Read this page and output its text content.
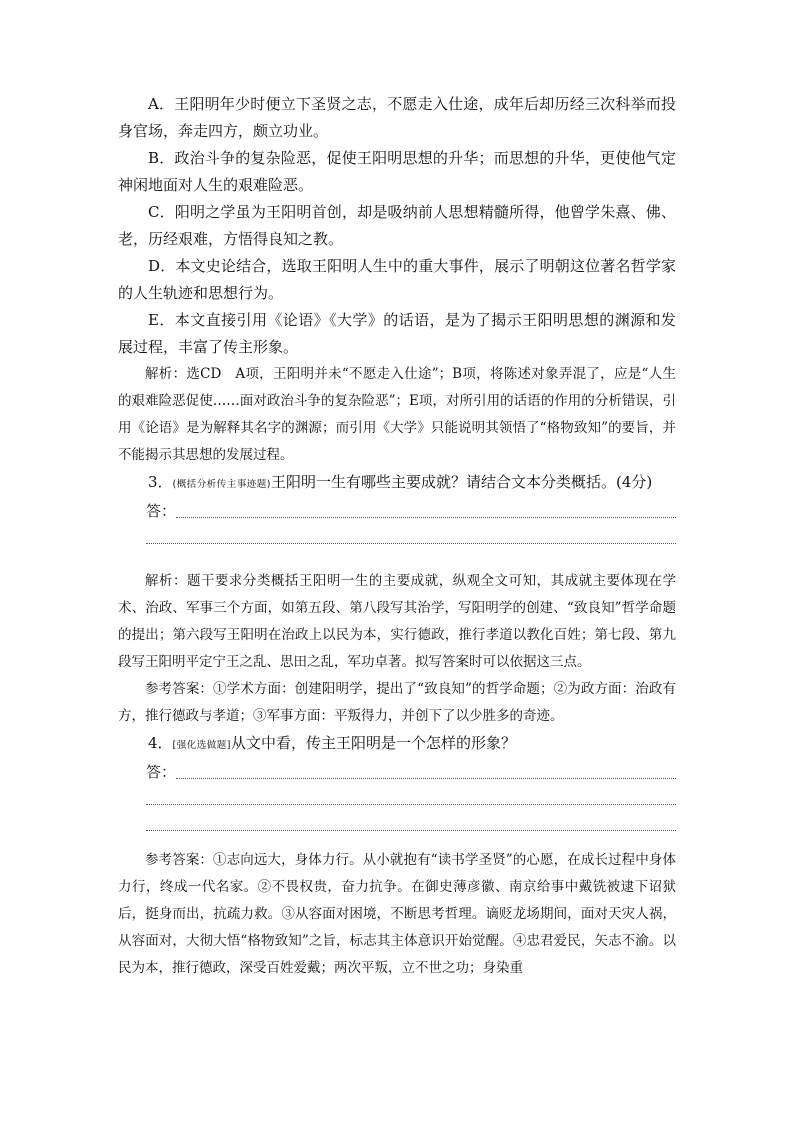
A．王阳明年少时便立下圣贤之志，不愿走入仕途，成年后却历经三次科举而投身官场，奔走四方，颇立功业。

B．政治斗争的复杂险恶，促使王阳明思想的升华；而思想的升华，更使他气定神闲地面对人生的艰难险恶。

C．阳明之学虽为王阳明首创，却是吸纳前人思想精髓所得，他曾学朱熹、佛、老，历经艰难，方悟得良知之教。

D．本文史论结合，选取王阳明人生中的重大事件，展示了明朝这位著名哲学家的人生轨迹和思想行为。

E．本文直接引用《论语》《大学》的话语，是为了揭示王阳明思想的渊源和发展过程，丰富了传主形象。

解析：选CD　A项，王阳明并未“不愿走入仕途”；B项，将陈述对象弄混了，应是“人生的艰难险恶促使……面对政治斗争的复杂险恶”；E项，对所引用的话语的作用的分析错误，引用《论语》是为解释其名字的渊源；而引用《大学》只能说明其领悟了“格物致知”的要旨，并不能揭示其思想的发展过程。

3．(概括分析传主事迹题)王阳明一生有哪些主要成就？请结合文本分类概括。(4分)

答：

解析：题干要求分类概括王阳明一生的主要成就，纵观全文可知，其成就主要体现在学术、治政、军事三个方面，如第五段、第八段写其治学，写阳明学的创建、“致良知”哲学命题的提出；第六段写王阳明在治政上以民为本，实行德政，推行孝道以教化百姓；第七段、第九段写王阳明平定宁王之乱、思田之乱，军功卓著。拟写答案时可以依据这三点。

参考答案：①学术方面：创建阳明学，提出了“致良知”的哲学命题；②为政方面：治政有方，推行德政与孝道；③军事方面：平叛得力，并创下了以少胜多的奇迹。

4．[强化选做题]从文中看，传主王阳明是一个怎样的形象？

答：

参考答案：①志向远大，身体力行。从小就抱有“读书学圣贤”的心愿，在成长过程中身体力行，终成一代名家。②不畏权贵，奋力抗争。在御史薄彦徽、南京给事中戴铣被逮下诏狱后，挺身而出，抗疏力救。③从容面对困境，不断思考哲理。谪贬龙场期间，面对天灾人祸，从容面对，大彻大悟“格物致知”之旨，标志其主体意识开始觉醒。④忠君爱民，矢志不渝。以民为本，推行德政，深受百姓爱戴；两次平叛，立不世之功；身染重
